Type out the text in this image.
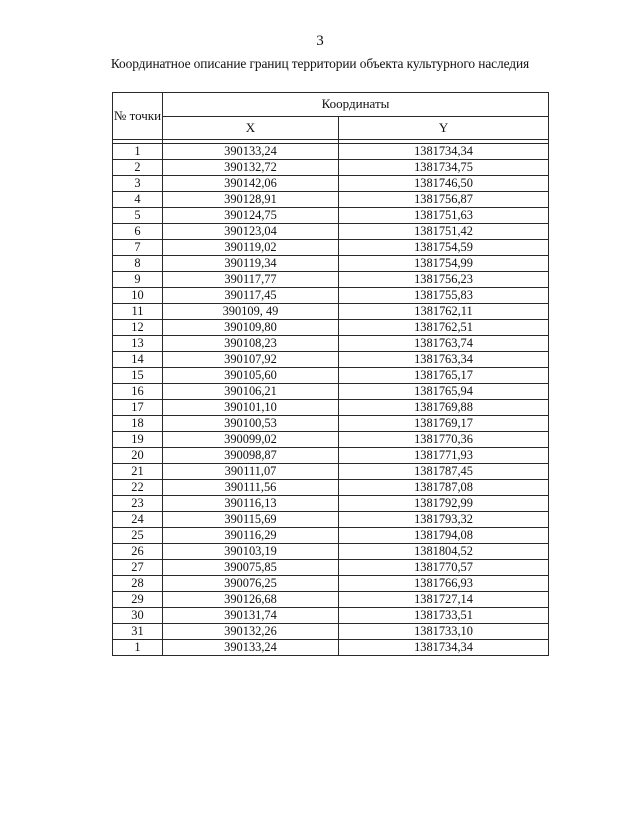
3
Координатное описание границ территории объекта культурного наследия
№ точки	Координаты	
	X	Y

1	390133,24	1381734,34
2	390132,72	1381734,75
3	390142,06	1381746,50
4	390128,91	1381756,87
5	390124,75	1381751,63
6	390123,04	1381751,42
7	390119,02	1381754,59
8	390119,34	1381754,99
9	390117,77	1381756,23
10	390117,45	1381755,83
11	390109, 49	1381762,11
12	390109,80	1381762,51
13	390108,23	1381763,74
14	390107,92	1381763,34
15	390105,60	1381765,17
16	390106,21	1381765,94
17	390101,10	1381769,88
18	390100,53	1381769,17
19	390099,02	1381770,36
20	390098,87	1381771,93
21	390111,07	1381787,45
22	390111,56	1381787,08
23	390116,13	1381792,99
24	390115,69	1381793,32
25	390116,29	1381794,08
26	390103,19	1381804,52
27	390075,85	1381770,57
28	390076,25	1381766,93
29	390126,68	1381727,14
30	390131,74	1381733,51
31	390132,26	1381733,10
1	390133,24	1381734,34
